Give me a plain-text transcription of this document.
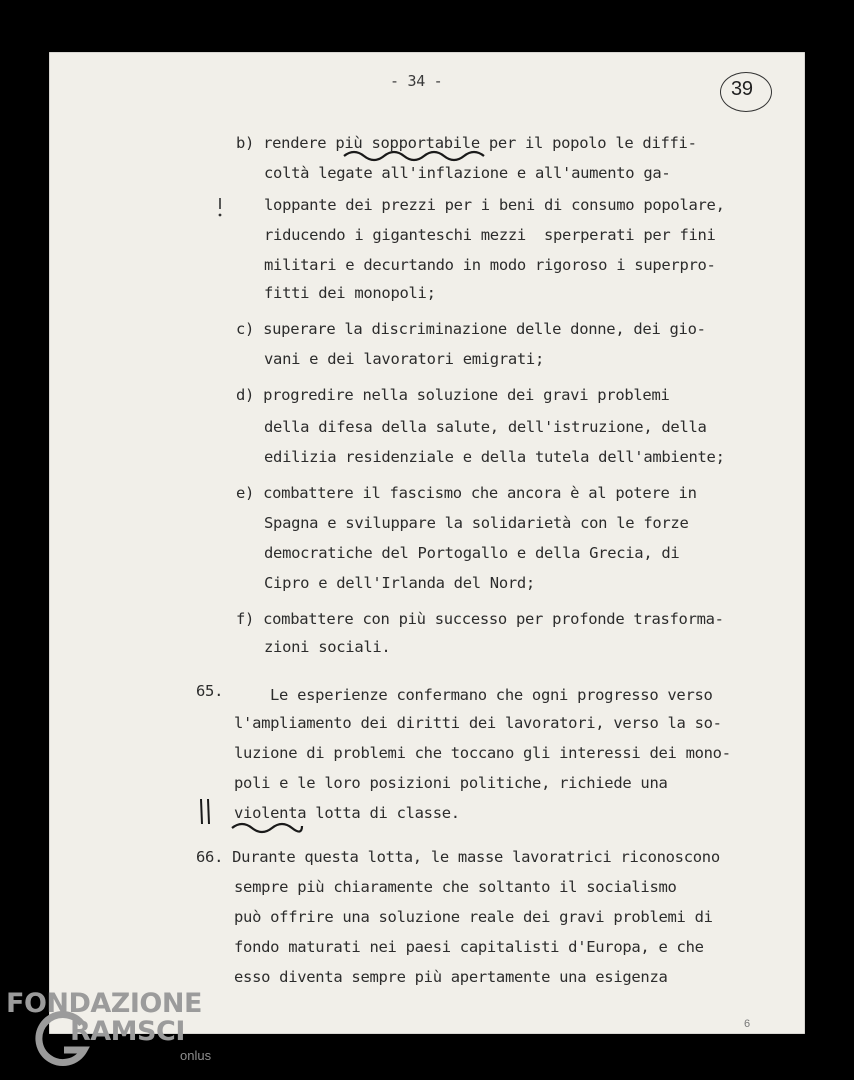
- 34 -	39
b) rendere più sopportabile per il popolo le diffi-
coltà legate all'inflazione e all'aumento ga-
loppante dei prezzi per i beni di consumo popolare,
riducendo i giganteschi mezzi  sperperati per fini
militari e decurtando in modo rigoroso i superpro-
fitti dei monopoli;
c) superare la discriminazione delle donne, dei gio-
vani e dei lavoratori emigrati;
d) progredire nella soluzione dei gravi problemi
della difesa della salute, dell'istruzione, della
edilizia residenziale e della tutela dell'ambiente;
e) combattere il fascismo che ancora è al potere in
Spagna e sviluppare la solidarietà con le forze
democratiche del Portogallo e della Grecia, di
Cipro e dell'Irlanda del Nord;
f) combattere con più successo per profonde trasforma-
zioni sociali.
65.	Le esperienze confermano che ogni progresso verso
l'ampliamento dei diritti dei lavoratori, verso la so-
luzione di problemi che toccano gli interessi dei mono-
poli e le loro posizioni politiche, richiede una
violenta lotta di classe.
66. Durante questa lotta, le masse lavoratrici riconoscono
sempre più chiaramente che soltanto il socialismo
può offrire una soluzione reale dei gravi problemi di
fondo maturati nei paesi capitalisti d'Europa, e che
esso diventa sempre più apertamente una esigenza
6
FONDAZIONE
RAMSCI
onlus
